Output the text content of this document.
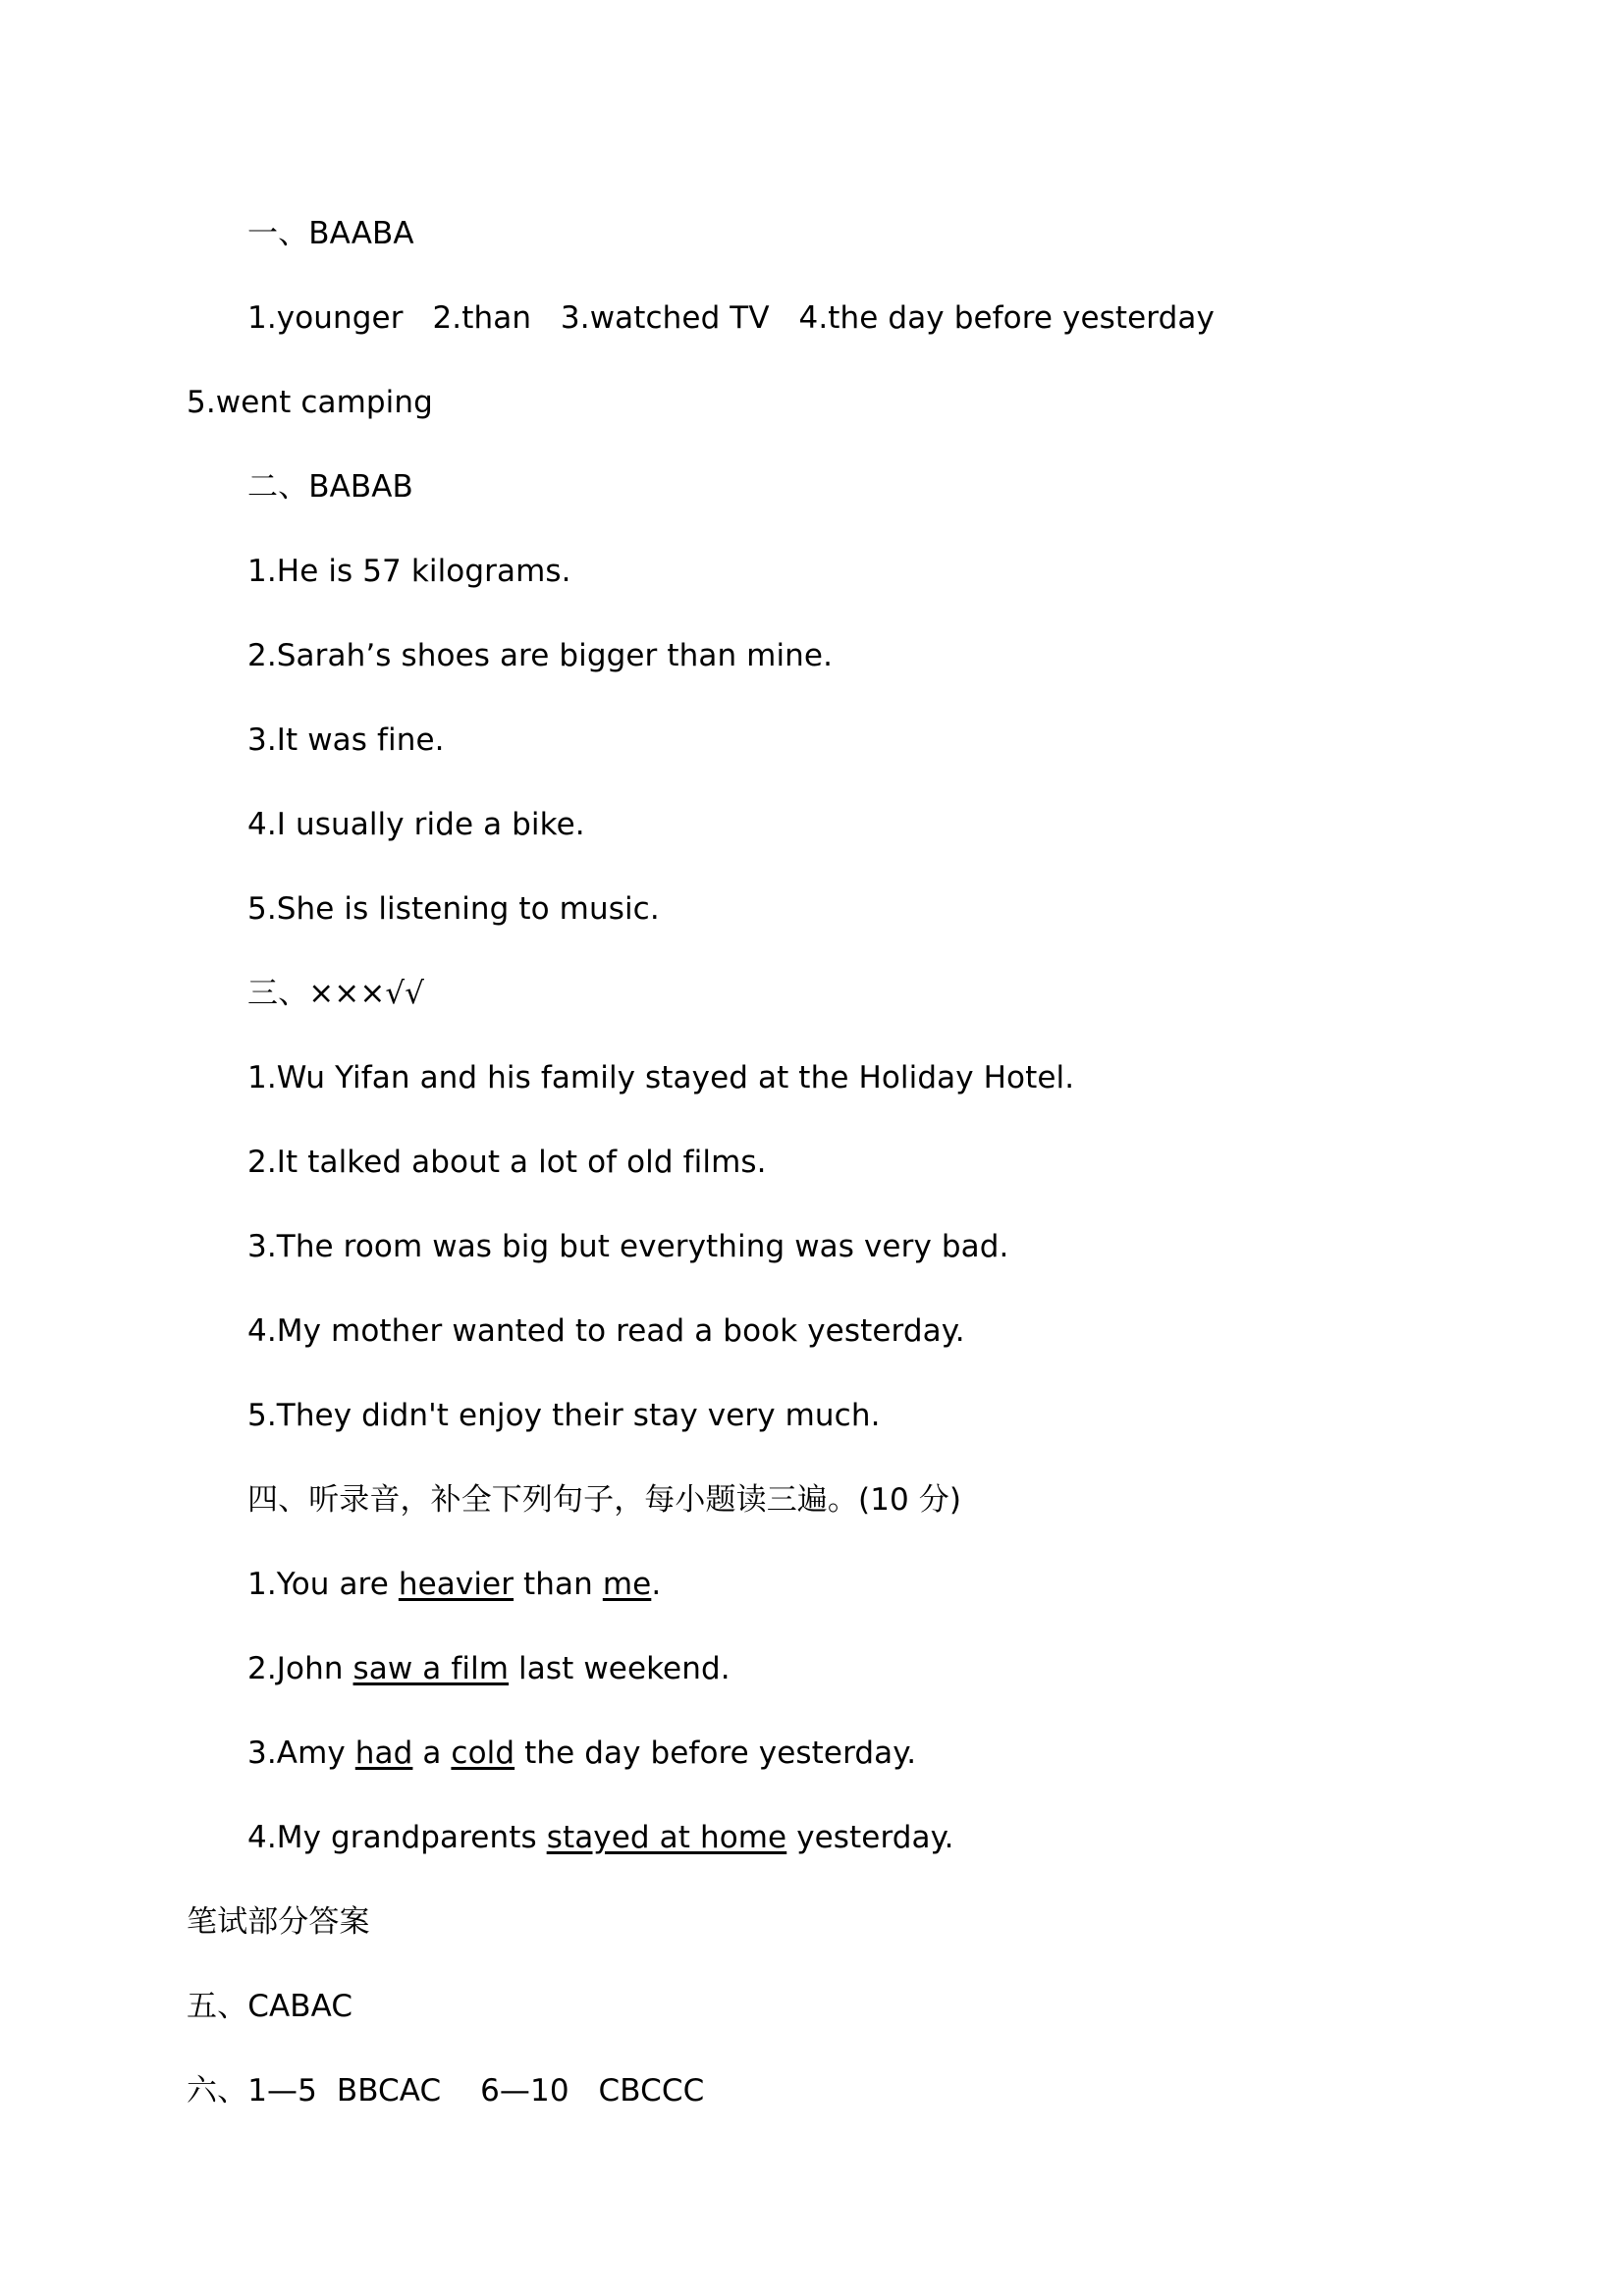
一、BAABA
1.younger   2.than   3.watched TV   4.the day before yesterday
5.went camping
二、BABAB
1.He is 57 kilograms.
2.Sarah’s shoes are bigger than mine.
3.It was fine.
4.I usually ride a bike.
5.She is listening to music.
三、×××√√
1.Wu Yifan and his family stayed at the Holiday Hotel.
2.It talked about a lot of old films.
3.The room was big but everything was very bad.
4.My mother wanted to read a book yesterday.
5.They didn't enjoy their stay very much.
四、听录音，补全下列句子，每小题读三遍。(10 分)
1.You are heavier than me.
2.John saw a film last weekend.
3.Amy had a cold the day before yesterday.
4.My grandparents stayed at home yesterday.
笔试部分答案
五、CABAC
六、1—5  BBCAC    6—10   CBCCC
